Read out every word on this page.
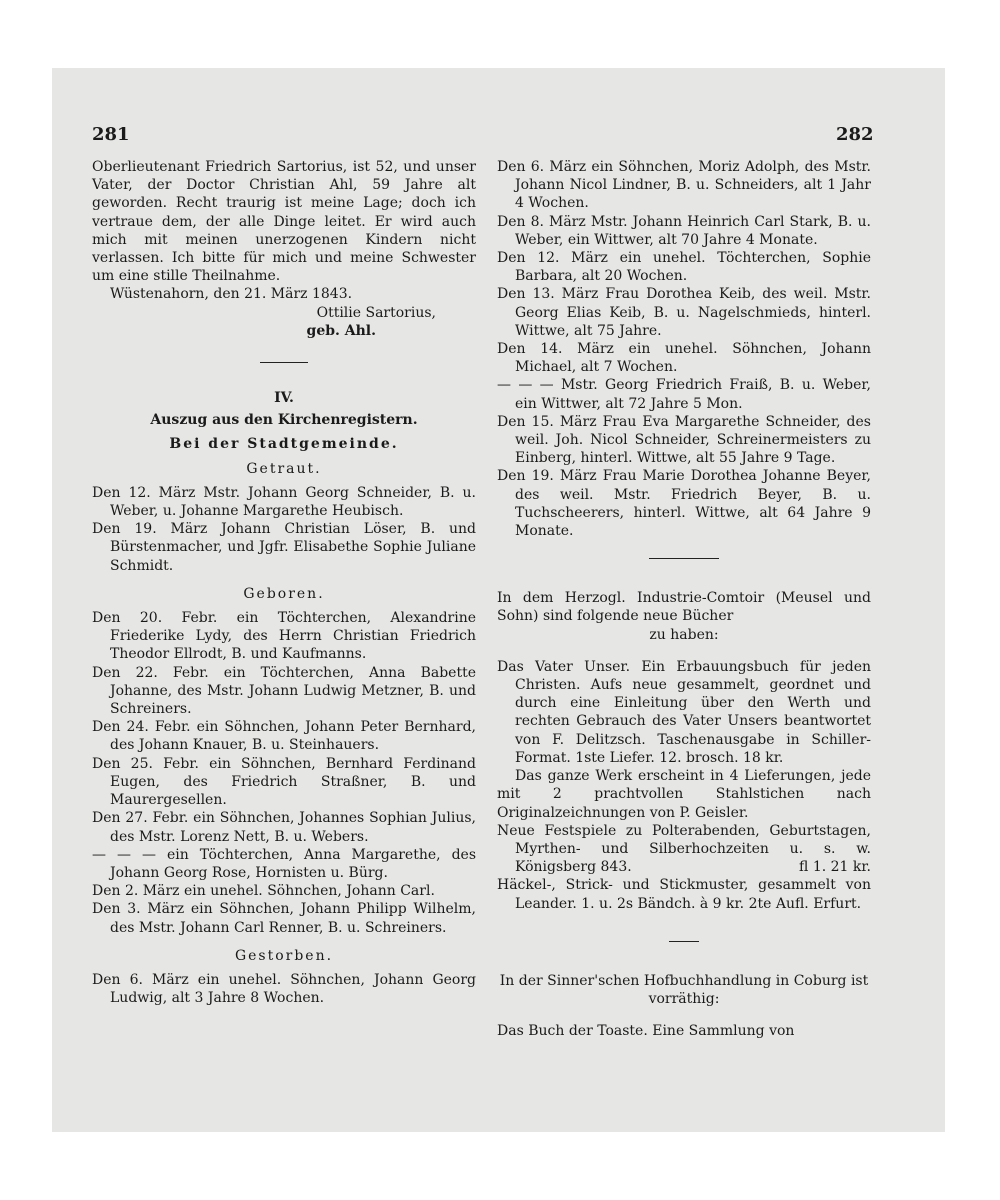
281	282

Oberlieutenant Friedrich Sartorius, ist 52, und unser Vater, der Doctor Christian Ahl, 59 Jahre alt geworden. Recht traurig ist meine Lage; doch ich vertraue dem, der alle Dinge leitet. Er wird auch mich mit meinen unerzogenen Kindern nicht verlassen. Ich bitte für mich und meine Schwester um eine stille Theilnahme.

Wüstenahorn, den 21. März 1843.

Ottilie Sartorius,

geb. Ahl.

IV.

Auszug aus den Kirchenregistern.

Bei der Stadtgemeinde.

Getraut.

Den 12. März Mstr. Johann Georg Schneider, B. u. Weber, u. Johanne Margarethe Heubisch.

Den 19. März Johann Christian Löser, B. und Bürstenmacher, und Jgfr. Elisabethe Sophie Juliane Schmidt.

Geboren.

Den 20. Febr. ein Töchterchen, Alexandrine Friederike Lydy, des Herrn Christian Friedrich Theodor Ellrodt, B. und Kaufmanns.

Den 22. Febr. ein Töchterchen, Anna Babette Johanne, des Mstr. Johann Ludwig Metzner, B. und Schreiners.

Den 24. Febr. ein Söhnchen, Johann Peter Bernhard, des Johann Knauer, B. u. Steinhauers.

Den 25. Febr. ein Söhnchen, Bernhard Ferdinand Eugen, des Friedrich Straßner, B. und Maurergesellen.

Den 27. Febr. ein Söhnchen, Johannes Sophian Julius, des Mstr. Lorenz Nett, B. u. Webers.

— — — ein Töchterchen, Anna Margarethe, des Johann Georg Rose, Hornisten u. Bürg.

Den 2. März ein unehel. Söhnchen, Johann Carl.

Den 3. März ein Söhnchen, Johann Philipp Wilhelm, des Mstr. Johann Carl Renner, B. u. Schreiners.

Gestorben.

Den 6. März ein unehel. Söhnchen, Johann Georg Ludwig, alt 3 Jahre 8 Wochen.

Den 6. März ein Söhnchen, Moriz Adolph, des Mstr. Johann Nicol Lindner, B. u. Schneiders, alt 1 Jahr 4 Wochen.

Den 8. März Mstr. Johann Heinrich Carl Stark, B. u. Weber, ein Wittwer, alt 70 Jahre 4 Monate.

Den 12. März ein unehel. Töchterchen, Sophie Barbara, alt 20 Wochen.

Den 13. März Frau Dorothea Keib, des weil. Mstr. Georg Elias Keib, B. u. Nagelschmieds, hinterl. Wittwe, alt 75 Jahre.

Den 14. März ein unehel. Söhnchen, Johann Michael, alt 7 Wochen.

— — — Mstr. Georg Friedrich Fraiß, B. u. Weber, ein Wittwer, alt 72 Jahre 5 Mon.

Den 15. März Frau Eva Margarethe Schneider, des weil. Joh. Nicol Schneider, Schreinermeisters zu Einberg, hinterl. Wittwe, alt 55 Jahre 9 Tage.

Den 19. März Frau Marie Dorothea Johanne Beyer, des weil. Mstr. Friedrich Beyer, B. u. Tuchscheerers, hinterl. Wittwe, alt 64 Jahre 9 Monate.

In dem Herzogl. Industrie-Comtoir (Meusel und Sohn) sind folgende neue Bücher

zu haben:

Das Vater Unser. Ein Erbauungsbuch für jeden Christen. Aufs neue gesammelt, geordnet und durch eine Einleitung über den Werth und rechten Gebrauch des Vater Unsers beantwortet von F. Delitzsch. Taschenausgabe in Schiller-Format. 1ste Liefer. 12. brosch. 18 kr.

Das ganze Werk erscheint in 4 Lieferungen, jede mit 2 prachtvollen Stahlstichen nach Originalzeichnungen von P. Geisler.

Neue Festspiele zu Polterabenden, Geburtstagen, Myrthen- und Silberhochzeiten u. s. w. Königsberg 843.	fl 1. 21 kr.

Häckel-, Strick- und Stickmuster, gesammelt von Leander. 1. u. 2s Bändch. à 9 kr. 2te Aufl. Erfurt.

In der Sinner'schen Hofbuchhandlung in Coburg ist vorräthig:

Das Buch der Toaste. Eine Sammlung von
